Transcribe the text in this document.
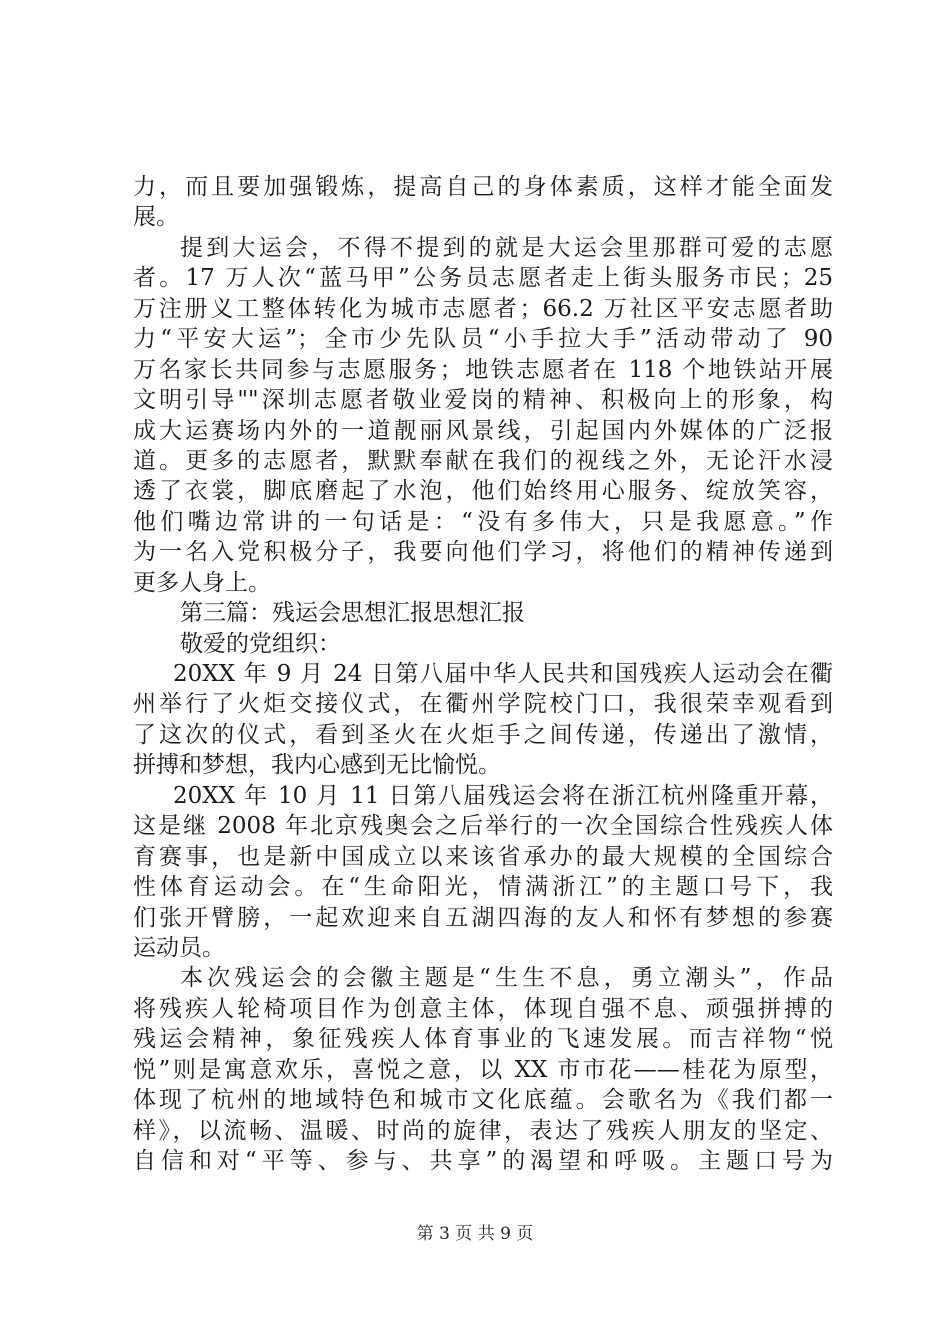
力，而且要加强锻炼，提高自己的身体素质，这样才能全面发
展。
提到大运会，不得不提到的就是大运会里那群可爱的志愿
者。17 万人次“蓝马甲”公务员志愿者走上街头服务市民；25
万注册义工整体转化为城市志愿者；66.2 万社区平安志愿者助
力“平安大运”；全市少先队员“小手拉大手”活动带动了 90
万名家长共同参与志愿服务；地铁志愿者在 118 个地铁站开展
文明引导""深圳志愿者敬业爱岗的精神、积极向上的形象，构
成大运赛场内外的一道靓丽风景线，引起国内外媒体的广泛报
道。更多的志愿者，默默奉献在我们的视线之外，无论汗水浸
透了衣裳，脚底磨起了水泡，他们始终用心服务、绽放笑容，
他们嘴边常讲的一句话是：“没有多伟大，只是我愿意。”作
为一名入党积极分子，我要向他们学习，将他们的精神传递到
更多人身上。
第三篇：残运会思想汇报思想汇报
敬爱的党组织：
20XX 年 9 月 24 日第八届中华人民共和国残疾人运动会在衢
州举行了火炬交接仪式，在衢州学院校门口，我很荣幸观看到
了这次的仪式，看到圣火在火炬手之间传递，传递出了激情，
拼搏和梦想，我内心感到无比愉悦。
20XX 年 10 月 11 日第八届残运会将在浙江杭州隆重开幕，
这是继 2008 年北京残奥会之后举行的一次全国综合性残疾人体
育赛事，也是新中国成立以来该省承办的最大规模的全国综合
性体育运动会。在“生命阳光，情满浙江”的主题口号下，我
们张开臂膀，一起欢迎来自五湖四海的友人和怀有梦想的参赛
运动员。
本次残运会的会徽主题是“生生不息，勇立潮头”，作品
将残疾人轮椅项目作为创意主体，体现自强不息、顽强拼搏的
残运会精神，象征残疾人体育事业的飞速发展。而吉祥物“悦
悦”则是寓意欢乐，喜悦之意，以 XX 市市花——桂花为原型，
体现了杭州的地域特色和城市文化底蕴。会歌名为《我们都一
样》，以流畅、温暖、时尚的旋律，表达了残疾人朋友的坚定、
自信和对“平等、参与、共享”的渴望和呼吸。主题口号为
第 3 页 共 9 页
